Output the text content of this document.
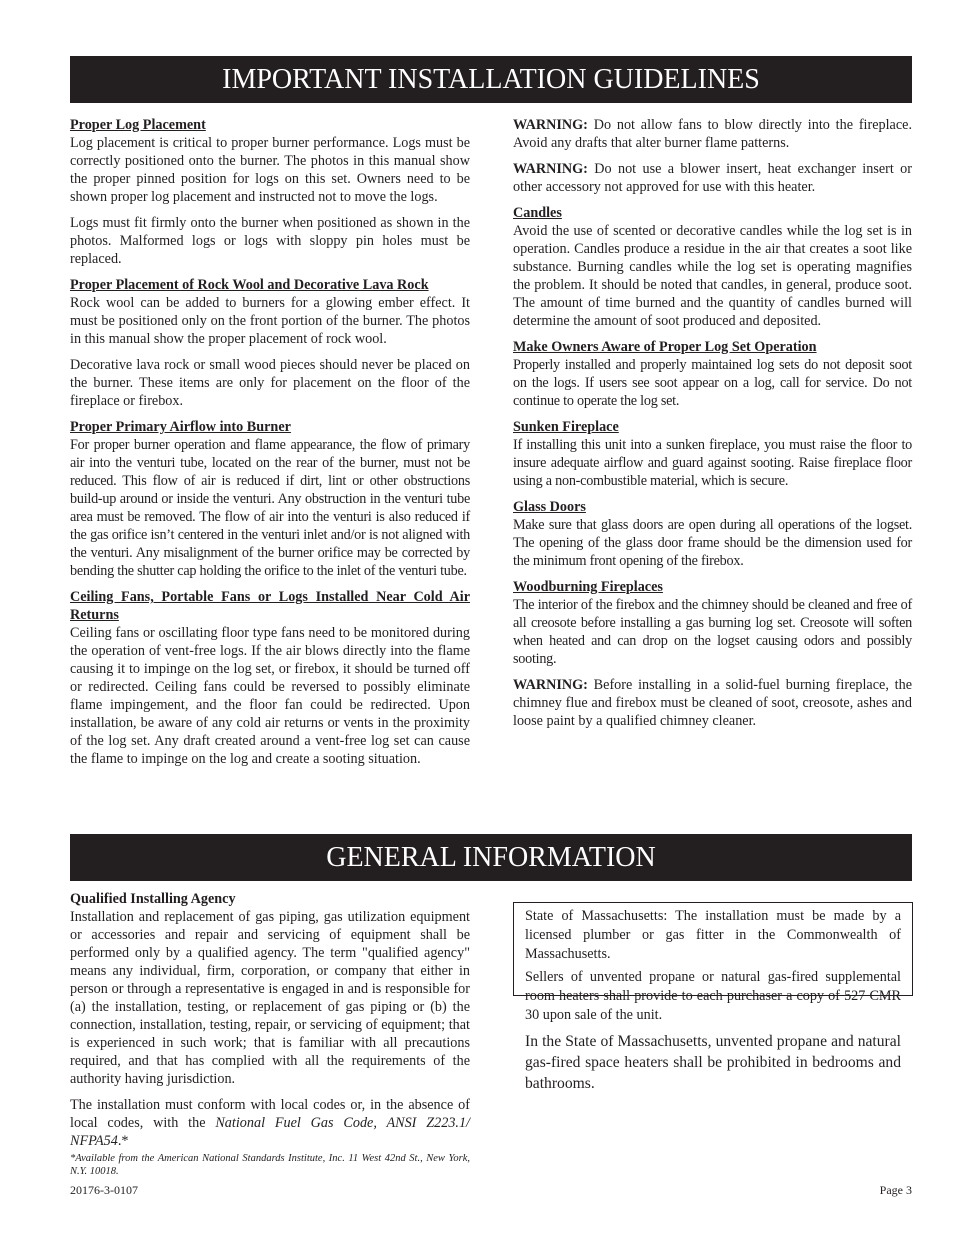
IMPORTANT INSTALLATION GUIDELINES
Proper Log Placement

Log placement is critical to proper burner performance. Logs must be correctly positioned onto the burner. The photos in this manual show the proper pinned position for logs on this set. Owners need to be shown proper log placement and instructed not to move the logs.

Logs must fit firmly onto the burner when positioned as shown in the photos. Malformed logs or logs with sloppy pin holes must be replaced.

Proper Placement of Rock Wool and Decorative Lava Rock

Rock wool can be added to burners for a glowing ember effect. It must be positioned only on the front portion of the burner. The photos in this manual show the proper placement of rock wool.

Decorative lava rock or small wood pieces should never be placed on the burner. These items are only for placement on the floor of the fireplace or firebox.

Proper Primary Airflow into Burner

For proper burner operation and flame appearance, the flow of primary air into the venturi tube, located on the rear of the burner, must not be reduced. This flow of air is reduced if dirt, lint or other obstructions build-up around or inside the venturi. Any obstruction in the venturi tube area must be removed. The flow of air into the venturi is also reduced if the gas orifice isn’t centered in the venturi inlet and/or is not aligned with the venturi. Any misalignment of the burner orifice may be corrected by bending the shutter cap holding the orifice to the inlet of the venturi tube.

Ceiling Fans, Portable Fans or Logs Installed Near Cold Air Returns

Ceiling fans or oscillating floor type fans need to be monitored during the operation of vent-free logs. If the air blows directly into the flame causing it to impinge on the log set, or firebox, it should be turned off or redirected. Ceiling fans could be reversed to possibly eliminate flame impingement, and the floor fan could be redirected. Upon installation, be aware of any cold air returns or vents in the proximity of the log set. Any draft created around a vent-free log set can cause the flame to impinge on the log and create a sooting situation.

WARNING: Do not allow fans to blow directly into the fireplace. Avoid any drafts that alter burner flame patterns.

WARNING: Do not use a blower insert, heat exchanger insert or other accessory not approved for use with this heater.

Candles

Avoid the use of scented or decorative candles while the log set is in operation. Candles produce a residue in the air that creates a soot like substance. Burning candles while the log set is operating magnifies the problem. It should be noted that candles, in general, produce soot. The amount of time burned and the quantity of candles burned will determine the amount of soot produced and deposited.

Make Owners Aware of Proper Log Set Operation

Properly installed and properly maintained log sets do not deposit soot on the logs. If users see soot appear on a log, call for service. Do not continue to operate the log set.

Sunken Fireplace

If installing this unit into a sunken fireplace, you must raise the floor to insure adequate airflow and guard against sooting. Raise fireplace floor using a non-combustible material, which is secure.

Glass Doors

Make sure that glass doors are open during all operations of the logset. The opening of the glass door frame should be the dimension used for the minimum front opening of the firebox.

Woodburning Fireplaces

The interior of the firebox and the chimney should be cleaned and free of all creosote before installing a gas burning log set. Creosote will soften when heated and can drop on the logset causing odors and possibly sooting.

WARNING: Before installing in a solid-fuel burning fireplace, the chimney flue and firebox must be cleaned of soot, creosote, ashes and loose paint by a qualified chimney cleaner.

GENERAL INFORMATION
Qualified Installing Agency

Installation and replacement of gas piping, gas utilization equipment or accessories and repair and servicing of equipment shall be performed only by a qualified agency. The term "qualified agency" means any individual, firm, corporation, or company that either in person or through a representative is engaged in and is responsible for (a) the installation, testing, or replacement of gas piping or (b) the connection, installation, testing, repair, or servicing of equipment; that is experienced in such work; that is familiar with all precautions required, and that has complied with all the requirements of the authority having jurisdiction.

The installation must conform with local codes or, in the absence of local codes, with the National Fuel Gas Code, ANSI Z223.1/ NFPA54.*

*Available from the American National Standards Institute, Inc. 11 West 42nd St., New York, N.Y. 10018.

State of Massachusetts: The installation must be made by a licensed plumber or gas fitter in the Commonwealth of Massachusetts.

Sellers of unvented propane or natural gas-fired supplemental room heaters shall provide to each purchaser a copy of 527 CMR 30 upon sale of the unit.

In the State of Massachusetts, unvented propane and natural gas-fired space heaters shall be prohibited in bedrooms and bathrooms.

20176-3-0107	Page 3
